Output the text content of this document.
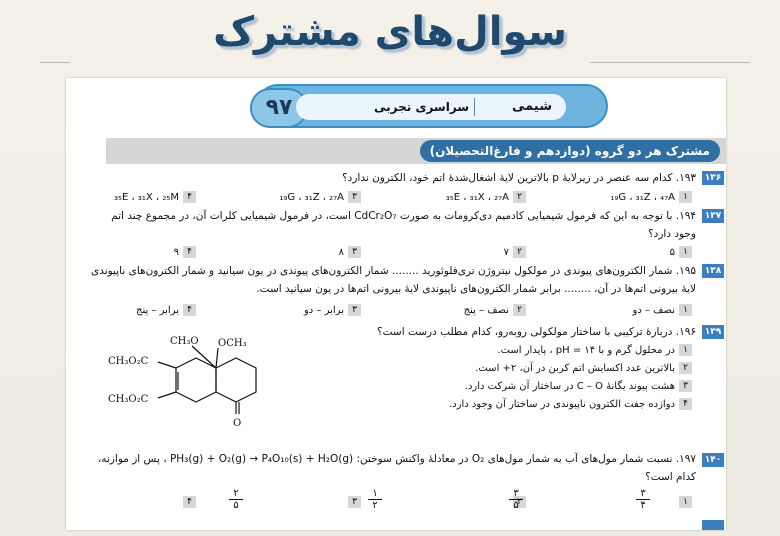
سوال‌های مشترک
۹۷	سراسری تجربی	شیمی
مشترک هر دو گروه (دوازدهم و فارغ‌التحصیلان)
۱۳۶
۱۹۳. کدام سه عنصر در زیرلایهٔ p بالاترین لایهٔ اشغال‌شدهٔ اتم خود، الکترون ندارد؟
۱₁₉G ، ₃₁Z ، ₄₇A
۲₃₅E ، ₃₁X ، ₂₇A
۳₁₉G ، ₃₁Z ، ₂₇A
۴₃₅E ، ₃₁X ، ₂₅M
۱۳۷
۱۹۴. با توجه به این که فرمول شیمیایی کادمیم دی‌کرومات به صورت CdCr₂O₇ است، در فرمول شیمیایی کلرات آن، در مجموع چند اتم
وجود دارد؟
۱۵
۲۷
۳۸
۴۹
۱۳۸
۱۹۵. شمار الکترون‌های پیوندی در مولکول نیتروژن تری‌فلوئورید ........ شمار الکترون‌های پیوندی در یون سیانید و شمار الکترون‌های ناپیوندی
لایهٔ بیرونی اتم‌ها در آن، ........ برابر شمار الکترون‌های ناپیوندی لایهٔ بیرونی اتم‌ها در یون سیانید است.
۱نصف – دو
۲نصف – پنج
۳برابر – دو
۴برابر – پنج
۱۳۹
۱۹۶. دربارهٔ ترکیبی با ساختار مولکولی روبه‌رو، کدام مطلب درست است؟
۱در محلول گرم و با pH = ۱۴ ، پایدار است.
۲بالاترین عدد اکسایش اتم کربن در آن، ۲+ است.
۳هشت پیوند یگانهٔ C – O در ساختار آن شرکت دارد.
۴دوازده جفت الکترون ناپیوندی در ساختار آن وجود دارد.
CH₃O OCH₃
CH₃O₂C
CH₃O₂C
O
۱۴۰
۱۹۷. نسبت شمار مول‌های آب به شمار مول‌های O₂ در معادلهٔ واکنش سوختن: PH₃(g) + O₂(g) → P₄O₁₀(s) + H₂O(g) ، پس از موازنه،
کدام است؟
۱
۳
۴
۲
۳
۵
۳
۱
۲
۴
۲
۵
